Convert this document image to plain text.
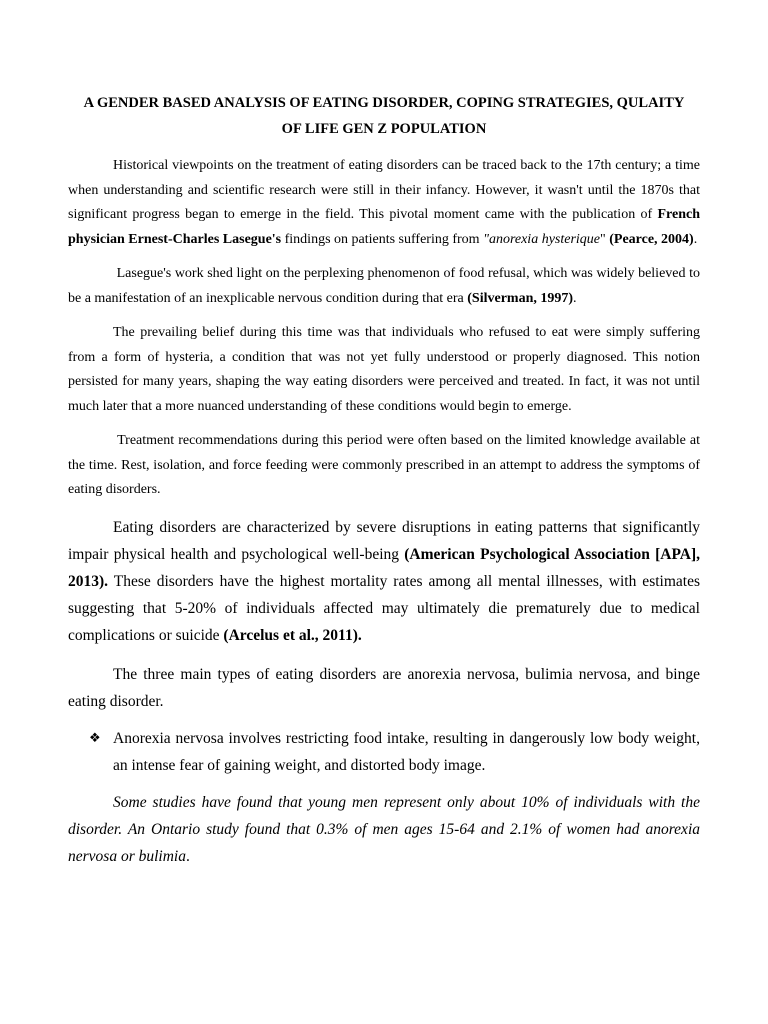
A GENDER BASED ANALYSIS OF EATING DISORDER, COPING STRATEGIES, QULAITY
OF LIFE GEN Z POPULATION

Historical viewpoints on the treatment of eating disorders can be traced back to the 17th century; a time when understanding and scientific research were still in their infancy. However, it wasn't until the 1870s that significant progress began to emerge in the field. This pivotal moment came with the publication of French physician Ernest-Charles Lasegue's findings on patients suffering from "anorexia hysterique" (Pearce, 2004).

Lasegue's work shed light on the perplexing phenomenon of food refusal, which was widely believed to be a manifestation of an inexplicable nervous condition during that era (Silverman, 1997).

The prevailing belief during this time was that individuals who refused to eat were simply suffering from a form of hysteria, a condition that was not yet fully understood or properly diagnosed. This notion persisted for many years, shaping the way eating disorders were perceived and treated. In fact, it was not until much later that a more nuanced understanding of these conditions would begin to emerge.

Treatment recommendations during this period were often based on the limited knowledge available at the time. Rest, isolation, and force feeding were commonly prescribed in an attempt to address the symptoms of eating disorders.

Eating disorders are characterized by severe disruptions in eating patterns that significantly impair physical health and psychological well-being (American Psychological Association [APA], 2013). These disorders have the highest mortality rates among all mental illnesses, with estimates suggesting that 5-20% of individuals affected may ultimately die prematurely due to medical complications or suicide (Arcelus et al., 2011).

The three main types of eating disorders are anorexia nervosa, bulimia nervosa, and binge eating disorder.

❖ Anorexia nervosa involves restricting food intake, resulting in dangerously low body weight, an intense fear of gaining weight, and distorted body image.

Some studies have found that young men represent only about 10% of individuals with the disorder. An Ontario study found that 0.3% of men ages 15-64 and 2.1% of women had anorexia nervosa or bulimia.
